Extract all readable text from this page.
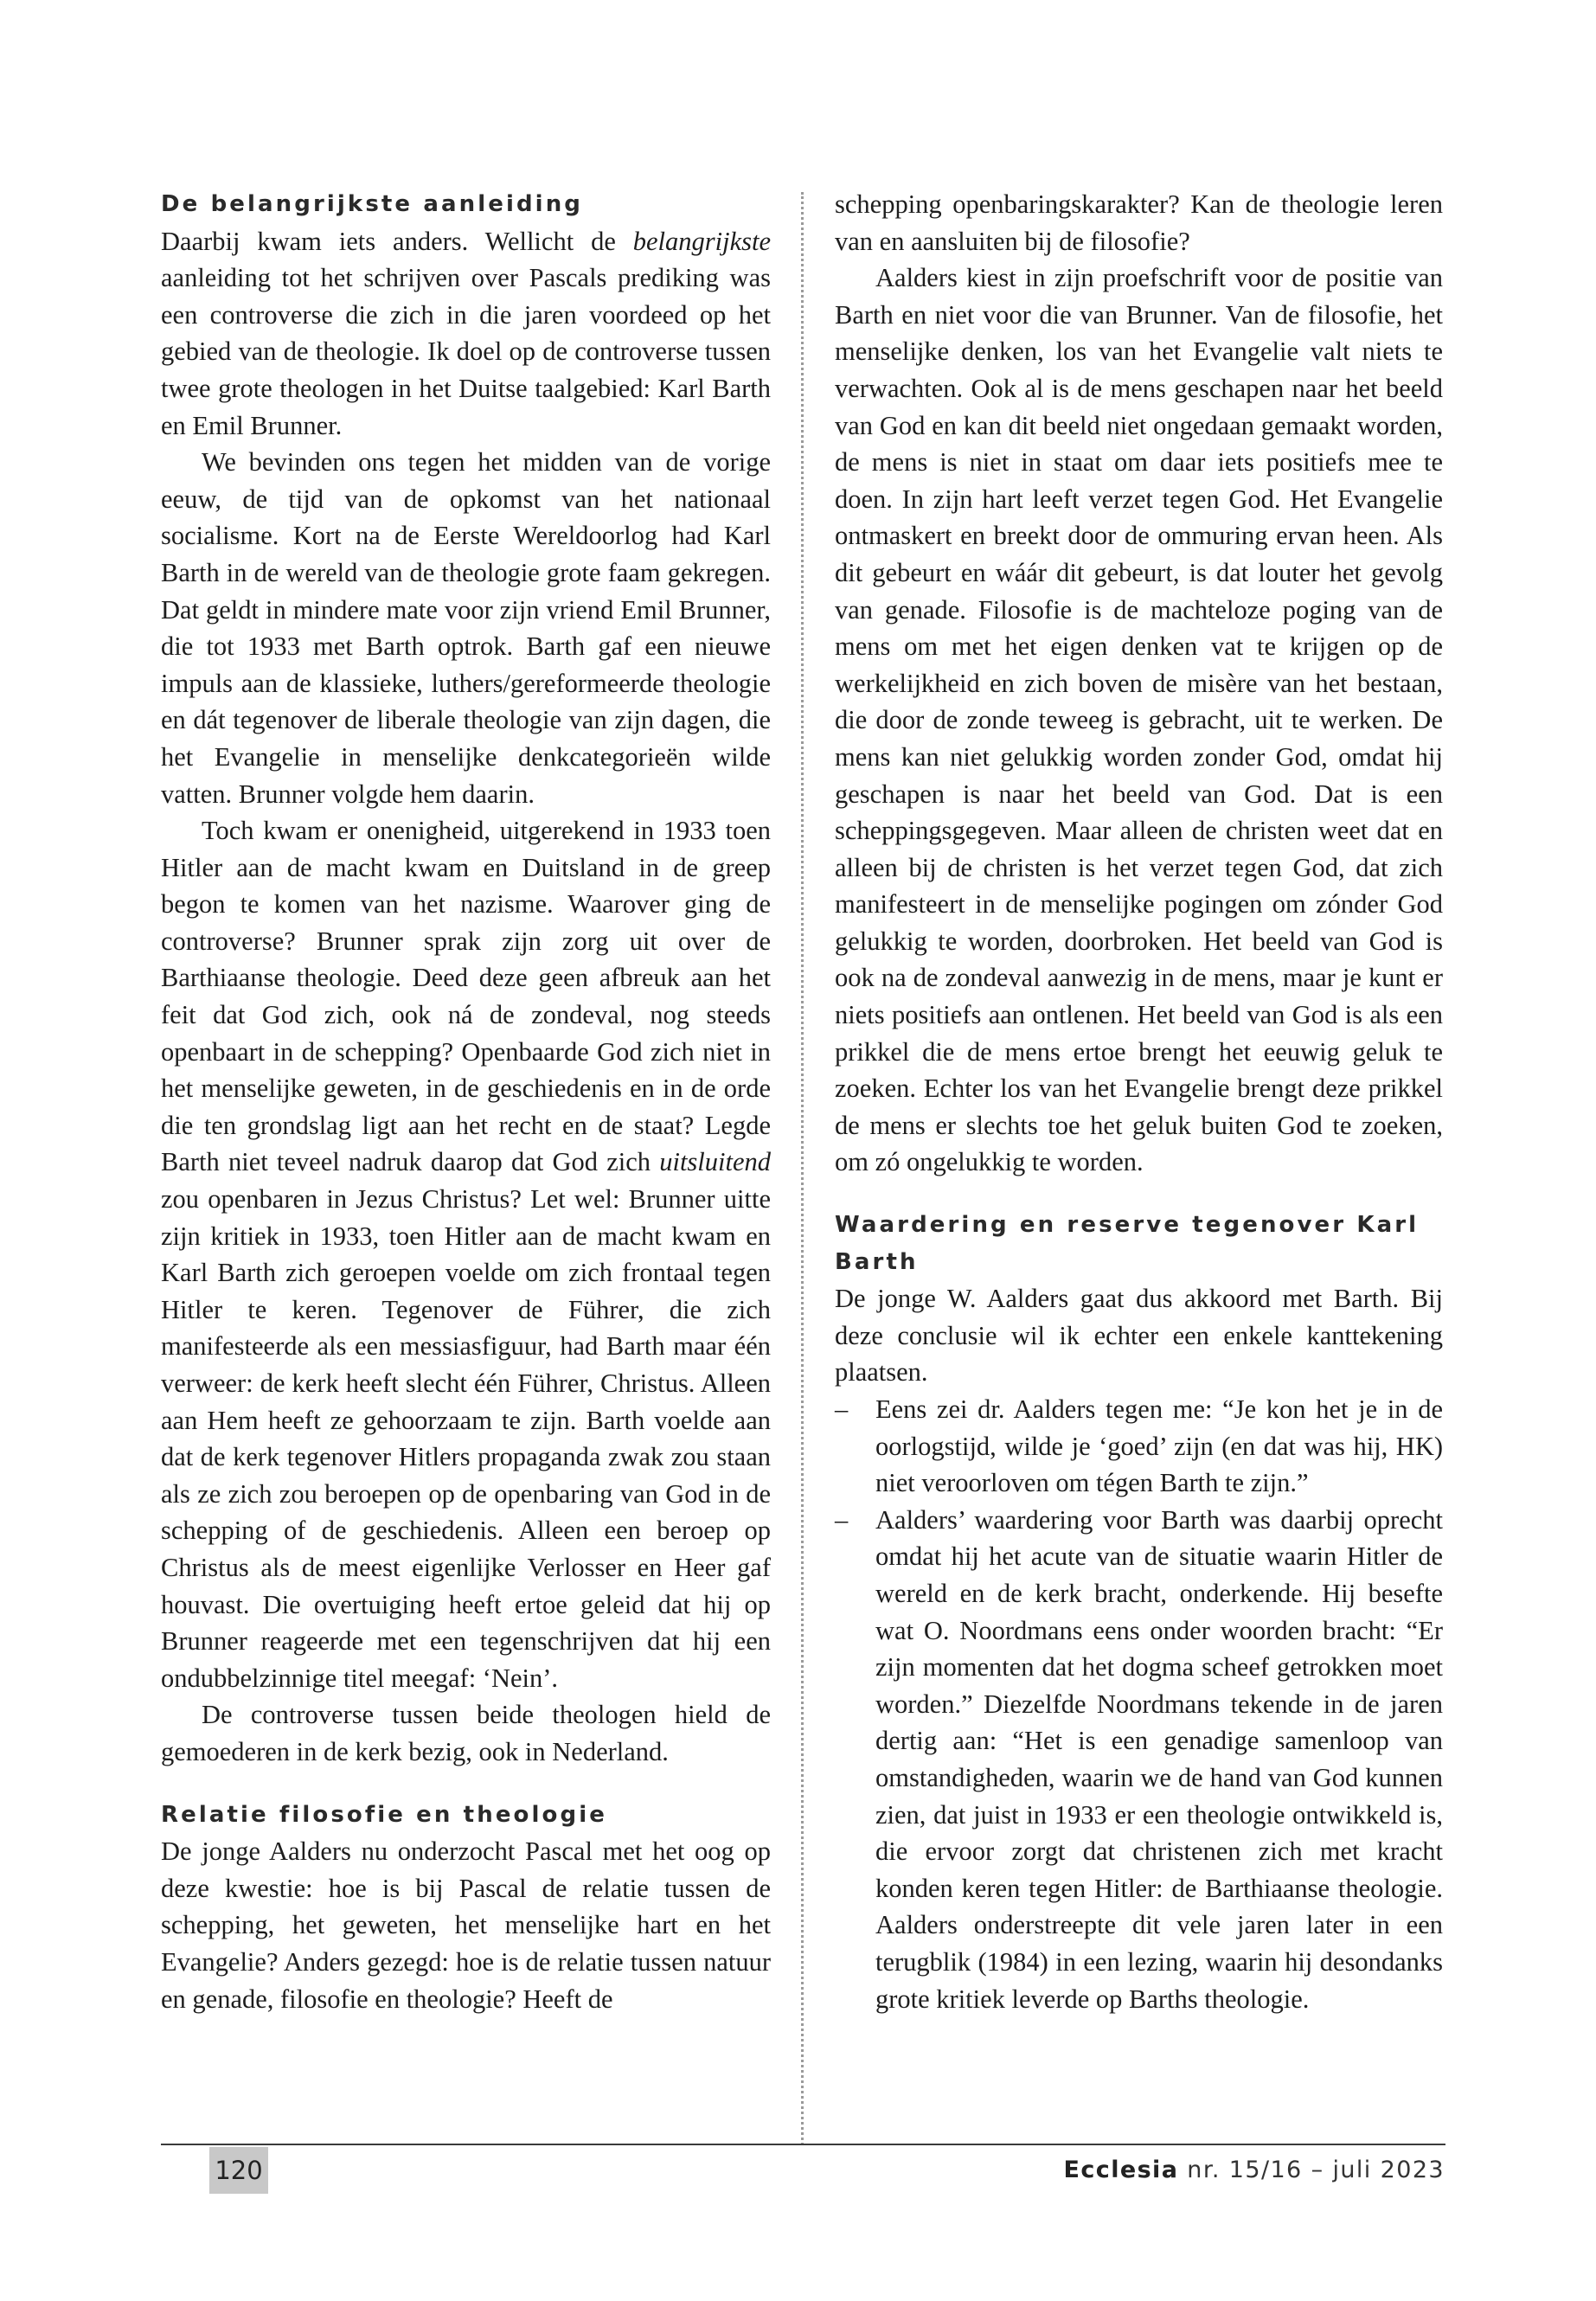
De belangrijkste aanleiding

Daarbij kwam iets anders. Wellicht de belangrijkste aanleiding tot het schrijven over Pascals prediking was een controverse die zich in die jaren voordeed op het gebied van de theologie. Ik doel op de controverse tussen twee grote theologen in het Duitse taalgebied: Karl Barth en Emil Brunner.

We bevinden ons tegen het midden van de vorige eeuw, de tijd van de opkomst van het nationaal socialisme. Kort na de Eerste Wereldoorlog had Karl Barth in de wereld van de theologie grote faam gekregen. Dat geldt in mindere mate voor zijn vriend Emil Brunner, die tot 1933 met Barth optrok. Barth gaf een nieuwe impuls aan de klassieke, luthers/gereformeerde theologie en dát tegenover de liberale theologie van zijn dagen, die het Evangelie in menselijke denkcategorieën wilde vatten. Brunner volgde hem daarin.

Toch kwam er onenigheid, uitgerekend in 1933 toen Hitler aan de macht kwam en Duitsland in de greep begon te komen van het nazisme. Waarover ging de controverse? Brunner sprak zijn zorg uit over de Barthiaanse theologie. Deed deze geen afbreuk aan het feit dat God zich, ook ná de zondeval, nog steeds openbaart in de schepping? Openbaarde God zich niet in het menselijke geweten, in de geschiedenis en in de orde die ten grondslag ligt aan het recht en de staat? Legde Barth niet teveel nadruk daarop dat God zich uitsluitend zou openbaren in Jezus Christus? Let wel: Brunner uitte zijn kritiek in 1933, toen Hitler aan de macht kwam en Karl Barth zich geroepen voelde om zich frontaal tegen Hitler te keren. Tegenover de Führer, die zich manifesteerde als een messiasfiguur, had Barth maar één verweer: de kerk heeft slecht één Führer, Christus. Alleen aan Hem heeft ze gehoorzaam te zijn. Barth voelde aan dat de kerk tegenover Hitlers propaganda zwak zou staan als ze zich zou beroepen op de openbaring van God in de schepping of de geschiedenis. Alleen een beroep op Christus als de meest eigenlijke Verlosser en Heer gaf houvast. Die overtuiging heeft ertoe geleid dat hij op Brunner reageerde met een tegenschrijven dat hij een ondubbelzinnige titel meegaf: ‘Nein’.

De controverse tussen beide theologen hield de gemoederen in de kerk bezig, ook in Nederland.

Relatie filosofie en theologie

De jonge Aalders nu onderzocht Pascal met het oog op deze kwestie: hoe is bij Pascal de relatie tussen de schepping, het geweten, het menselijke hart en het Evangelie? Anders gezegd: hoe is de relatie tussen natuur en genade, filosofie en theologie? Heeft de

schepping openbaringskarakter? Kan de theologie leren van en aansluiten bij de filosofie?

Aalders kiest in zijn proefschrift voor de positie van Barth en niet voor die van Brunner. Van de filosofie, het menselijke denken, los van het Evangelie valt niets te verwachten. Ook al is de mens geschapen naar het beeld van God en kan dit beeld niet ongedaan gemaakt worden, de mens is niet in staat om daar iets positiefs mee te doen. In zijn hart leeft verzet tegen God. Het Evangelie ontmaskert en breekt door de ommuring ervan heen. Als dit gebeurt en wáár dit gebeurt, is dat louter het gevolg van genade. Filosofie is de machteloze poging van de mens om met het eigen denken vat te krijgen op de werkelijkheid en zich boven de misère van het bestaan, die door de zonde teweeg is gebracht, uit te werken. De mens kan niet gelukkig worden zonder God, omdat hij geschapen is naar het beeld van God. Dat is een scheppingsgegeven. Maar alleen de christen weet dat en alleen bij de christen is het verzet tegen God, dat zich manifesteert in de menselijke pogingen om zónder God gelukkig te worden, doorbroken. Het beeld van God is ook na de zondeval aanwezig in de mens, maar je kunt er niets positiefs aan ontlenen. Het beeld van God is als een prikkel die de mens ertoe brengt het eeuwig geluk te zoeken. Echter los van het Evangelie brengt deze prikkel de mens er slechts toe het geluk buiten God te zoeken, om zó ongelukkig te worden.

Waardering en reserve tegenover Karl Barth

De jonge W. Aalders gaat dus akkoord met Barth. Bij deze conclusie wil ik echter een enkele kanttekening plaatsen.

– Eens zei dr. Aalders tegen me: “Je kon het je in de oorlogstijd, wilde je ‘goed’ zijn (en dat was hij, HK) niet veroorloven om tégen Barth te zijn.”
– Aalders’ waardering voor Barth was daarbij oprecht omdat hij het acute van de situatie waarin Hitler de wereld en de kerk bracht, onderkende. Hij besefte wat O. Noordmans eens onder woorden bracht: “Er zijn momenten dat het dogma scheef getrokken moet worden.” Diezelfde Noordmans tekende in de jaren dertig aan: “Het is een genadige samenloop van omstandigheden, waarin we de hand van God kunnen zien, dat juist in 1933 er een theologie ontwikkeld is, die ervoor zorgt dat christenen zich met kracht konden keren tegen Hitler: de Barthiaanse theologie. Aalders onderstreepte dit vele jaren later in een terugblik (1984) in een lezing, waarin hij desondanks grote kritiek leverde op Barths theologie.
120	Ecclesia nr. 15/16 – juli 2023
